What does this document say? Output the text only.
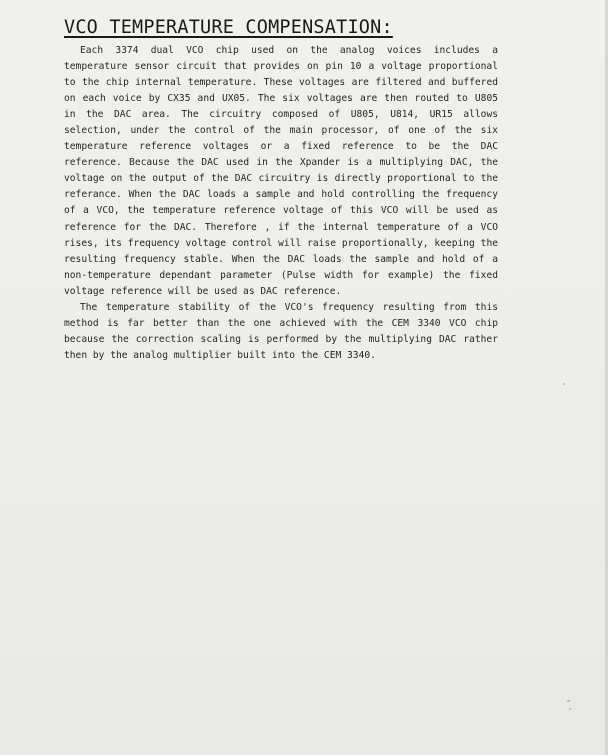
VCO TEMPERATURE COMPENSATION:

Each 3374 dual VCO chip used on the analog voices includes a
temperature sensor circuit that provides on pin 10 a voltage proportional
to the chip internal temperature. These voltages are filtered and buffered
on each voice by CX35 and UX05. The six voltages are then routed to U805
in the DAC area. The circuitry composed of U805, U814, UR15 allows
selection, under the control of the main processor, of one of the six
temperature reference voltages or a fixed reference to be the DAC
reference. Because the DAC used in the Xpander is a multiplying DAC, the
voltage on the output of the DAC circuitry is directly proportional to the
referance. When the DAC loads a sample and hold controlling the frequency
of a VCO, the temperature reference voltage of this VCO will be used as
reference for the DAC. Therefore , if the internal temperature of a VCO
rises, its frequency voltage control will raise proportionally, keeping the
resulting frequency stable. When the DAC loads the sample and hold of a
non-temperature dependant parameter (Pulse width for example) the fixed
voltage reference will be used as DAC reference.

The temperature stability of the VCO's frequency resulting from this
method is far better than the one achieved with the CEM 3340 VCO chip
because the correction scaling is performed by the multiplying DAC rather
then by the analog multiplier built into the CEM 3340.
